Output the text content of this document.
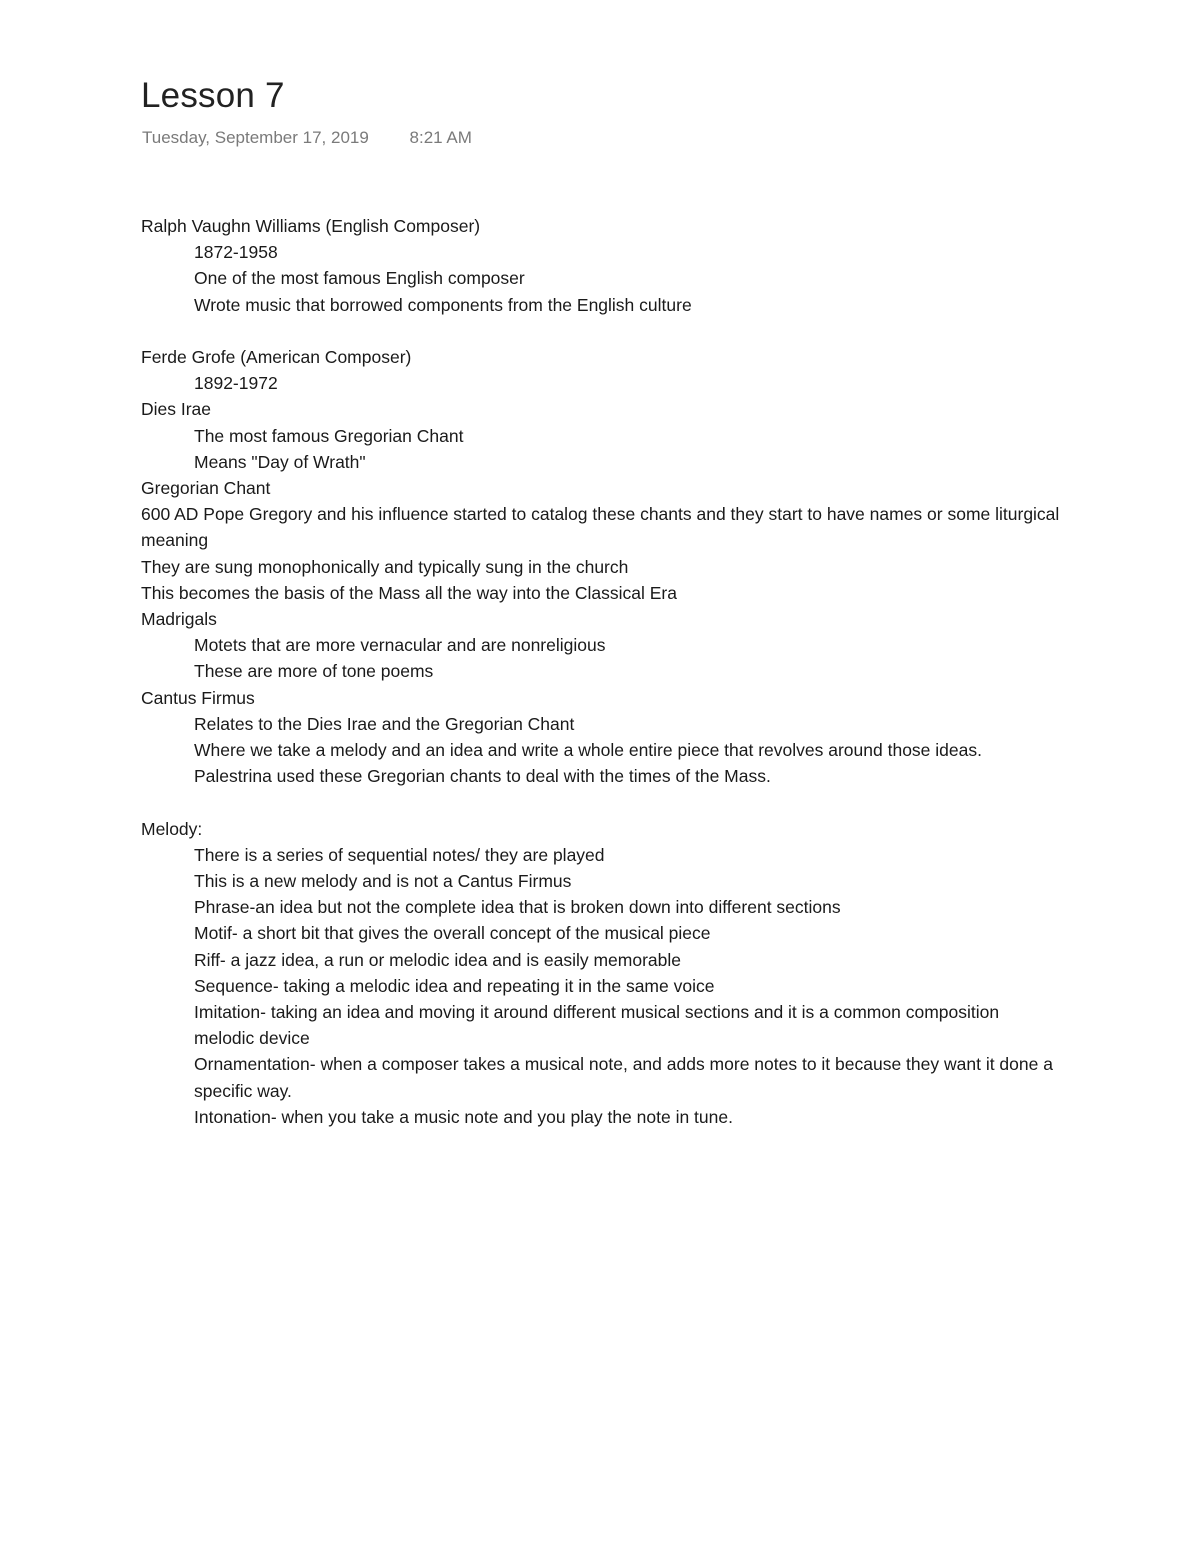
Lesson 7
Tuesday, September 17, 2019 8:21 AM
Ralph Vaughn Williams (English Composer)
1872-1958
One of the most famous English composer
Wrote music that borrowed components from the English culture
Ferde Grofe (American Composer)
1892-1972
Dies Irae
The most famous Gregorian Chant
Means "Day of Wrath"
Gregorian Chant
600 AD Pope Gregory and his influence started to catalog these chants and they start to have names or some liturgical meaning
They are sung monophonically and typically sung in the church
This becomes the basis of the Mass all the way into the Classical Era
Madrigals
Motets that are more vernacular and are nonreligious
These are more of tone poems
Cantus Firmus
Relates to the Dies Irae and the Gregorian Chant
Where we take a melody and an idea and write a whole entire piece that revolves around those ideas.
Palestrina used these Gregorian chants to deal with the times of the Mass.
Melody:
There is a series of sequential notes/ they are played
This is a new melody and is not a Cantus Firmus
Phrase-an idea but not the complete idea that is broken down into different sections
Motif- a short bit that gives the overall concept of the musical piece
Riff- a jazz idea, a run or melodic idea and is easily memorable
Sequence- taking a melodic idea and repeating it in the same voice
Imitation- taking an idea and moving it around different musical sections and it is a common composition melodic device
Ornamentation- when a composer takes a musical note, and adds more notes to it because they want it done a specific way.
Intonation- when you take a music note and you play the note in tune.
